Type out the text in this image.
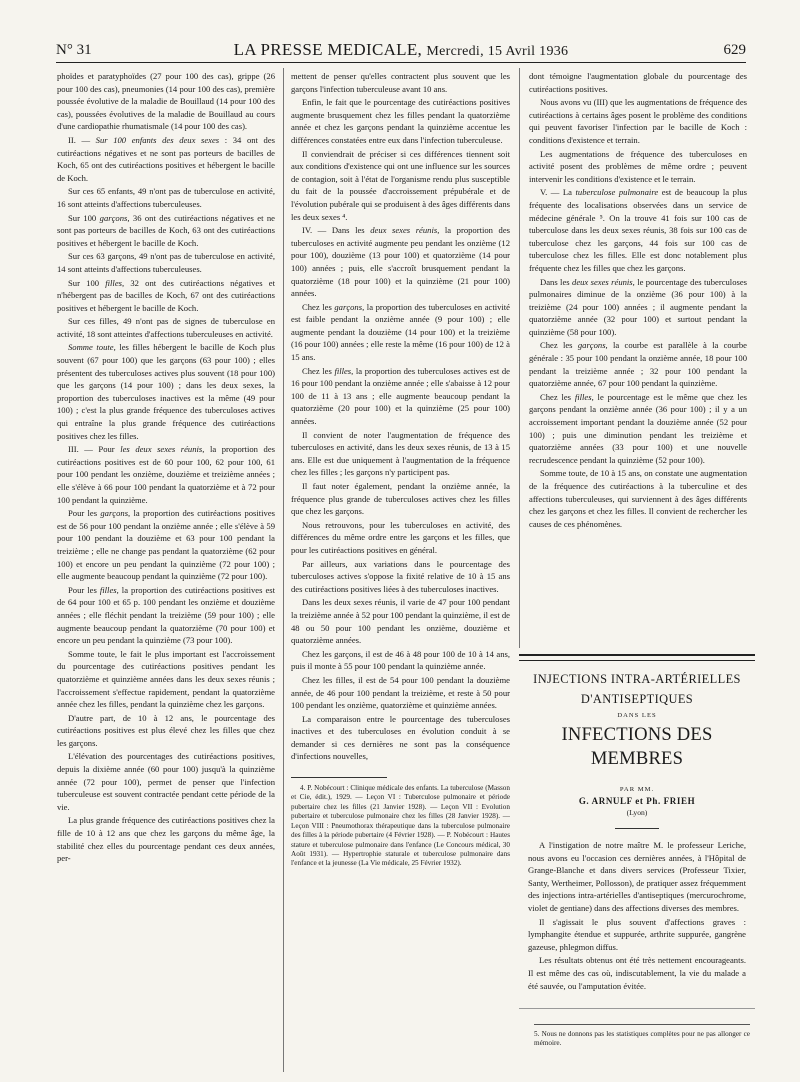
N° 31	LA PRESSE MEDICALE, Mercredi, 15 Avril 1936	629

phoïdes et paratyphoïdes (27 pour 100 des cas), grippe (26 pour 100 des cas), pneumonies (14 pour 100 des cas), première poussée évolutive de la maladie de Bouillaud (14 pour 100 des cas), poussées évolutives de la maladie de Bouillaud au cours d'une cardiopathie rhumatismale (14 pour 100 des cas).

II. — Sur 100 enfants des deux sexes : 34 ont des cutiréactions négatives et ne sont pas porteurs de bacilles de Koch, 65 ont des cutiréactions positives et hébergent le bacille de Koch.

Sur ces 65 enfants, 49 n'ont pas de tuberculose en activité, 16 sont atteints d'affections tuberculeuses.

Sur 100 garçons, 36 ont des cutiréactions négatives et ne sont pas porteurs de bacilles de Koch, 63 ont des cutiréactions positives et hébergent le bacille de Koch.

Sur ces 63 garçons, 49 n'ont pas de tuberculose en activité, 14 sont atteints d'affections tuberculeuses.

Sur 100 filles, 32 ont des cutiréactions négatives et n'hébergent pas de bacilles de Koch, 67 ont des cutiréactions positives et hébergent le bacille de Koch.

Sur ces filles, 49 n'ont pas de signes de tuberculose en activité, 18 sont atteintes d'affections tuberculeuses en activité.

Somme toute, les filles hébergent le bacille de Koch plus souvent (67 pour 100) que les garçons (63 pour 100) ; elles présentent des tuberculoses actives plus souvent (18 pour 100) que les garçons (14 pour 100) ; dans les deux sexes, la proportion des tuberculoses inactives est la même (49 pour 100) ; c'est la plus grande fréquence des tuberculoses actives qui entraîne la plus grande fréquence des cutiréactions positives chez les filles.

III. — Pour les deux sexes réunis, la proportion des cutiréactions positives est de 60 pour 100, 62 pour 100, 61 pour 100 pendant les onzième, douzième et treizième années ; elle s'élève à 66 pour 100 pendant la quatorzième et à 72 pour 100 pendant la quinzième.

Pour les garçons, la proportion des cutiréactions positives est de 56 pour 100 pendant la onzième année ; elle s'élève à 59 pour 100 pendant la douzième et 63 pour 100 pendant la treizième ; elle ne change pas pendant la quatorzième (62 pour 100) et encore un peu pendant la quinzième (72 pour 100) ; elle augmente beaucoup pendant la quinzième (72 pour 100).

Pour les filles, la proportion des cutiréactions positives est de 64 pour 100 et 65 p. 100 pendant les onzième et douzième années ; elle fléchit pendant la treizième (59 pour 100) ; elle augmente beaucoup pendant la quatorzième (70 pour 100) et encore un peu pendant la quinzième (73 pour 100).

Somme toute, le fait le plus important est l'accroissement du pourcentage des cutiréactions positives pendant les quatorzième et quinzième années dans les deux sexes réunis ; l'accroissement s'effectue rapidement, pendant la quatorzième année chez les filles, pendant la quinzième chez les garçons.

D'autre part, de 10 à 12 ans, le pourcentage des cutiréactions positives est plus élevé chez les filles que chez les garçons.

L'élévation des pourcentages des cutiréactions positives, depuis la dixième année (60 pour 100) jusqu'à la quinzième année (72 pour 100), permet de penser que l'infection tuberculeuse est souvent contractée pendant cette période de la vie.

La plus grande fréquence des cutiréactions positives chez la fille de 10 à 12 ans que chez les garçons du même âge, la stabilité chez elles du pourcentage pendant ces deux années, per-

mettent de penser qu'elles contractent plus souvent que les garçons l'infection tuberculeuse avant 10 ans.

Enfin, le fait que le pourcentage des cutiréactions positives augmente brusquement chez les filles pendant la quatorzième année et chez les garçons pendant la quinzième accentue les différences constatées entre eux dans l'infection tuberculeuse.

Il conviendrait de préciser si ces différences tiennent soit aux conditions d'existence qui ont une influence sur les sources de contagion, soit à l'état de l'organisme rendu plus susceptible du fait de la poussée d'accroissement prépubérale et de l'évolution pubérale qui se produisent à des âges différents dans les deux sexes ⁴.

IV. — Dans les deux sexes réunis, la proportion des tuberculoses en activité augmente peu pendant les onzième (12 pour 100), douzième (13 pour 100) et quatorzième (14 pour 100) années ; puis, elle s'accroît brusquement pendant la quatorzième (18 pour 100) et la quinzième (21 pour 100) années.

Chez les garçons, la proportion des tuberculoses en activité est faible pendant la onzième année (9 pour 100) ; elle augmente pendant la douzième (14 pour 100) et la treizième (16 pour 100) années ; elle reste la même (16 pour 100) de 12 à 15 ans.

Chez les filles, la proportion des tuberculoses actives est de 16 pour 100 pendant la onzième année ; elle s'abaisse à 12 pour 100 de 11 à 13 ans ; elle augmente beaucoup pendant la quatorzième (20 pour 100) et la quinzième (25 pour 100) années.

Il convient de noter l'augmentation de fréquence des tuberculoses en activité, dans les deux sexes réunis, de 13 à 15 ans. Elle est due uniquement à l'augmentation de la fréquence chez les filles ; les garçons n'y participent pas.

Il faut noter également, pendant la onzième année, la fréquence plus grande de tuberculoses actives chez les filles que chez les garçons.

Nous retrouvons, pour les tuberculoses en activité, des différences du même ordre entre les garçons et les filles, que pour les cutiréactions positives en général.

Par ailleurs, aux variations dans le pourcentage des tuberculoses actives s'oppose la fixité relative de 10 à 15 ans des cutiréactions positives liées à des tuberculoses inactives.

Dans les deux sexes réunis, il varie de 47 pour 100 pendant la treizième année à 52 pour 100 pendant la quinzième, il est de 48 ou 50 pour 100 pendant les onzième, douzième et quatorzième années.

Chez les garçons, il est de 46 à 48 pour 100 de 10 à 14 ans, puis il monte à 55 pour 100 pendant la quinzième année.

Chez les filles, il est de 54 pour 100 pendant la douzième année, de 46 pour 100 pendant la treizième, et reste à 50 pour 100 pendant les onzième, quatorzième et quinzième années.

La comparaison entre le pourcentage des tuberculoses inactives et des tuberculoses en évolution conduit à se demander si ces dernières ne sont pas la conséquence d'infections nouvelles,

4. P. Nobécourt : Clinique médicale des enfants. La tuberculose (Masson et Cie, édit.), 1929. — Leçon VI : Tuberculose pulmonaire et période pubertaire chez les filles (21 Janvier 1928). — Leçon VII : Evolution pubertaire et tuberculose pulmonaire chez les filles (28 Janvier 1928). — Leçon VIII : Pneumothorax thérapeutique dans la tuberculose pulmonaire des filles à la période pubertaire (4 Février 1928). — P. Nobécourt : Hautes stature et tuberculose pulmonaire dans l'enfance (Le Concours médical, 30 Août 1931). — Hypertrophie staturale et tuberculose pulmonaire dans l'enfance et la jeunesse (La Vie médicale, 25 Février 1932).

dont témoigne l'augmentation globale du pourcentage des cutiréactions positives.

Nous avons vu (III) que les augmentations de fréquence des cutiréactions à certains âges posent le problème des conditions qui peuvent favoriser l'infection par le bacille de Koch : conditions d'existence et terrain.

Les augmentations de fréquence des tuberculoses en activité posent des problèmes de même ordre ; peuvent intervenir les conditions d'existence et le terrain.

V. — La tuberculose pulmonaire est de beaucoup la plus fréquente des localisations observées dans un service de médecine générale ⁵. On la trouve 41 fois sur 100 cas de tuberculose dans les deux sexes réunis, 38 fois sur 100 cas de tuberculose chez les garçons, 44 fois sur 100 cas de tuberculose chez les filles. Elle est donc notablement plus fréquente chez les filles que chez les garçons.

Dans les deux sexes réunis, le pourcentage des tuberculoses pulmonaires diminue de la onzième (36 pour 100) à la treizième (24 pour 100) années ; il augmente pendant la quatorzième année (32 pour 100) et surtout pendant la quinzième (58 pour 100).

Chez les garçons, la courbe est parallèle à la courbe générale : 35 pour 100 pendant la onzième année, 18 pour 100 pendant la treizième année ; 32 pour 100 pendant la quatorzième année, 67 pour 100 pendant la quinzième.

Chez les filles, le pourcentage est le même que chez les garçons pendant la onzième année (36 pour 100) ; il y a un accroissement important pendant la douzième année (52 pour 100) ; puis une diminution pendant les treizième et quatorzième années (33 pour 100) et une nouvelle recrudescence pendant la quinzième (52 pour 100).

Somme toute, de 10 à 15 ans, on constate une augmentation de la fréquence des cutiréactions à la tuberculine et des affections tuberculeuses, qui surviennent à des âges différents chez les garçons et chez les filles. Il convient de rechercher les causes de ces phénomènes.

INJECTIONS INTRA-ARTÉRIELLES
D'ANTISEPTIQUES
DANS LES
INFECTIONS DES MEMBRES
PAR MM.
G. ARNULF et Ph. FRIEH
(Lyon)

A l'instigation de notre maître M. le professeur Leriche, nous avons eu l'occasion ces dernières années, à l'Hôpital de Grange-Blanche et dans divers services (Professeur Tixier, Santy, Wertheimer, Pollosson), de pratiquer assez fréquemment des injections intra-artérielles d'antiseptiques (mercurochrome, violet de gentiane) dans des affections diverses des membres.

Il s'agissait le plus souvent d'affections graves : lymphangite étendue et suppurée, arthrite suppurée, gangrène gazeuse, phlegmon diffus.

Les résultats obtenus ont été très nettement encourageants. Il est même des cas où, indiscutablement, la vie du malade a été sauvée, ou l'amputation évitée.

5. Nous ne donnons pas les statistiques complètes pour ne pas allonger ce mémoire.
